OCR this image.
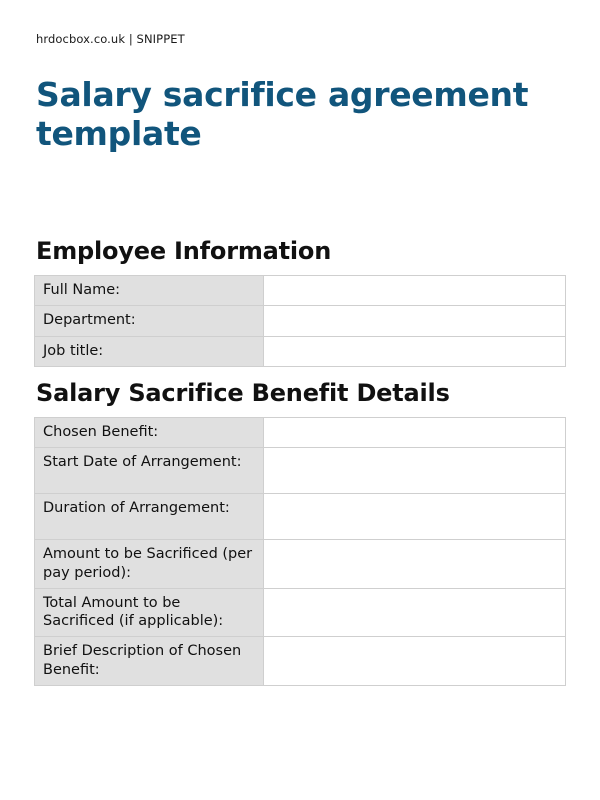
hrdocbox.co.uk | SNIPPET
Salary sacrifice agreement template
Employee Information
Full Name:	
Department:	
Job title:	
Salary Sacrifice Benefit Details
Chosen Benefit:	
Start Date of Arrangement:	
Duration of Arrangement:	
Amount to be Sacrificed (per pay period):	
Total Amount to be Sacrificed (if applicable):	
Brief Description of Chosen Benefit:	
